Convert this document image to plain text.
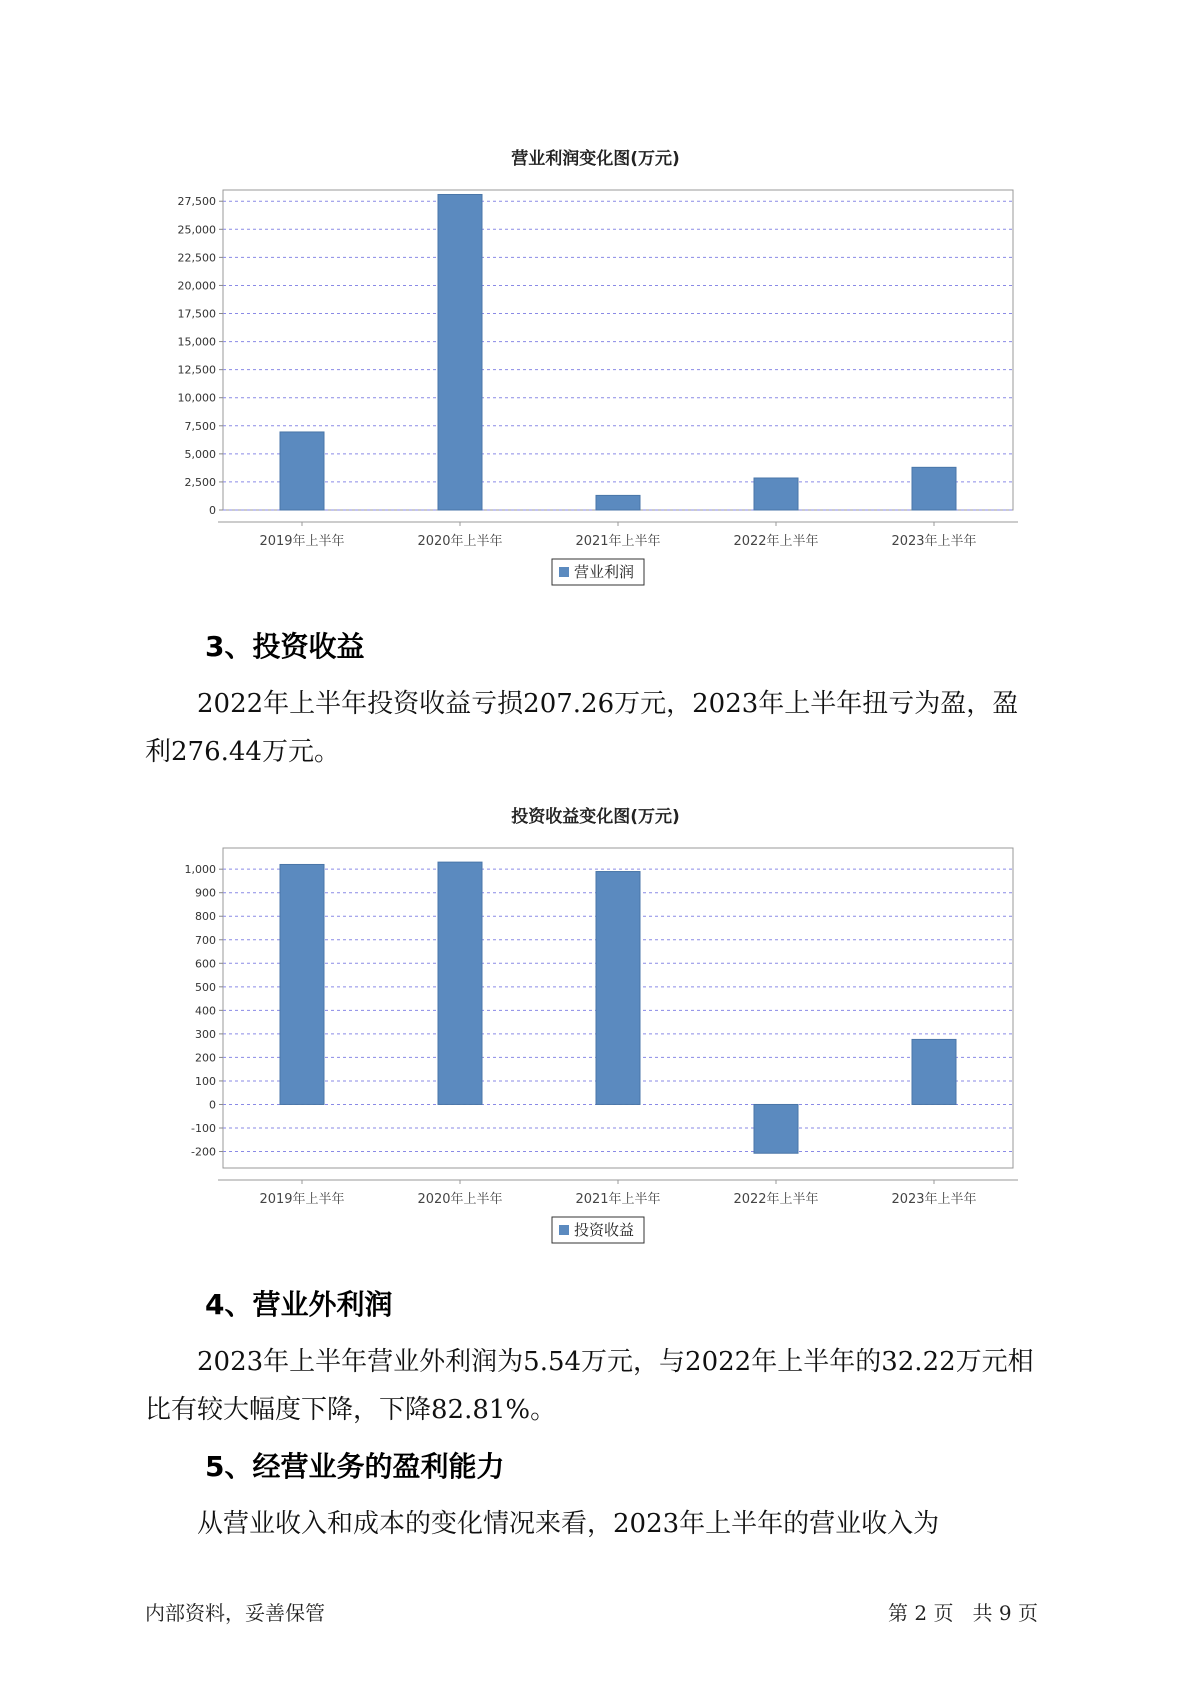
营业利润变化图(万元)
0
2,500
5,000
7,500
10,000
12,500
15,000
17,500
20,000
22,500
25,000
27,500
2019年上半年	2020年上半年	2021年上半年	2022年上半年	2023年上半年
营业利润
3、投资收益
2022年上半年投资收益亏损207.26万元，2023年上半年扭亏为盈，盈
利276.44万元。
投资收益变化图(万元)
-200
-100
0
100
200
300
400
500
600
700
800
900
1,000
2019年上半年	2020年上半年	2021年上半年	2022年上半年	2023年上半年
投资收益
4、营业外利润
2023年上半年营业外利润为5.54万元，与2022年上半年的32.22万元相
比有较大幅度下降，下降82.81%。
5、经营业务的盈利能力
从营业收入和成本的变化情况来看，2023年上半年的营业收入为
内部资料，妥善保管	第 2 页   共 9 页
